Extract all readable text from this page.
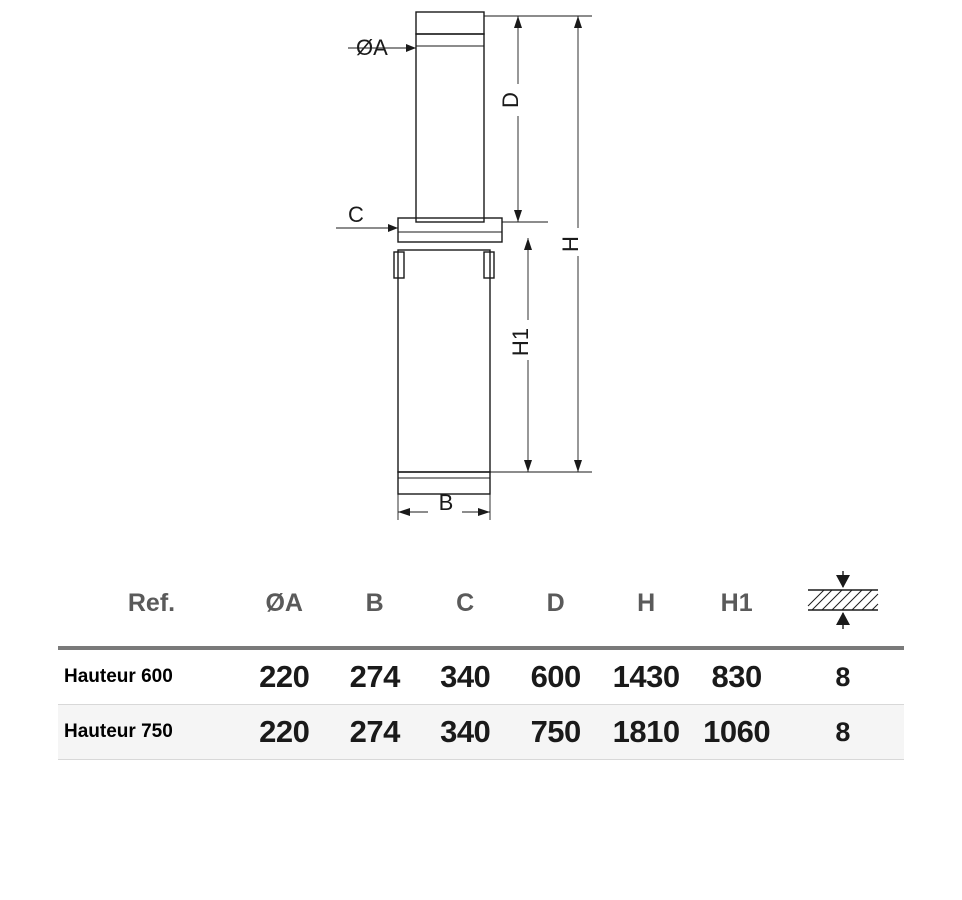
ØA
C
B
D
H
H1
Ref.	ØA	B	C	D	H	H1	
Hauteur 600	220	274	340	600	1430	830	8
Hauteur 750	220	274	340	750	1810	1060	8
